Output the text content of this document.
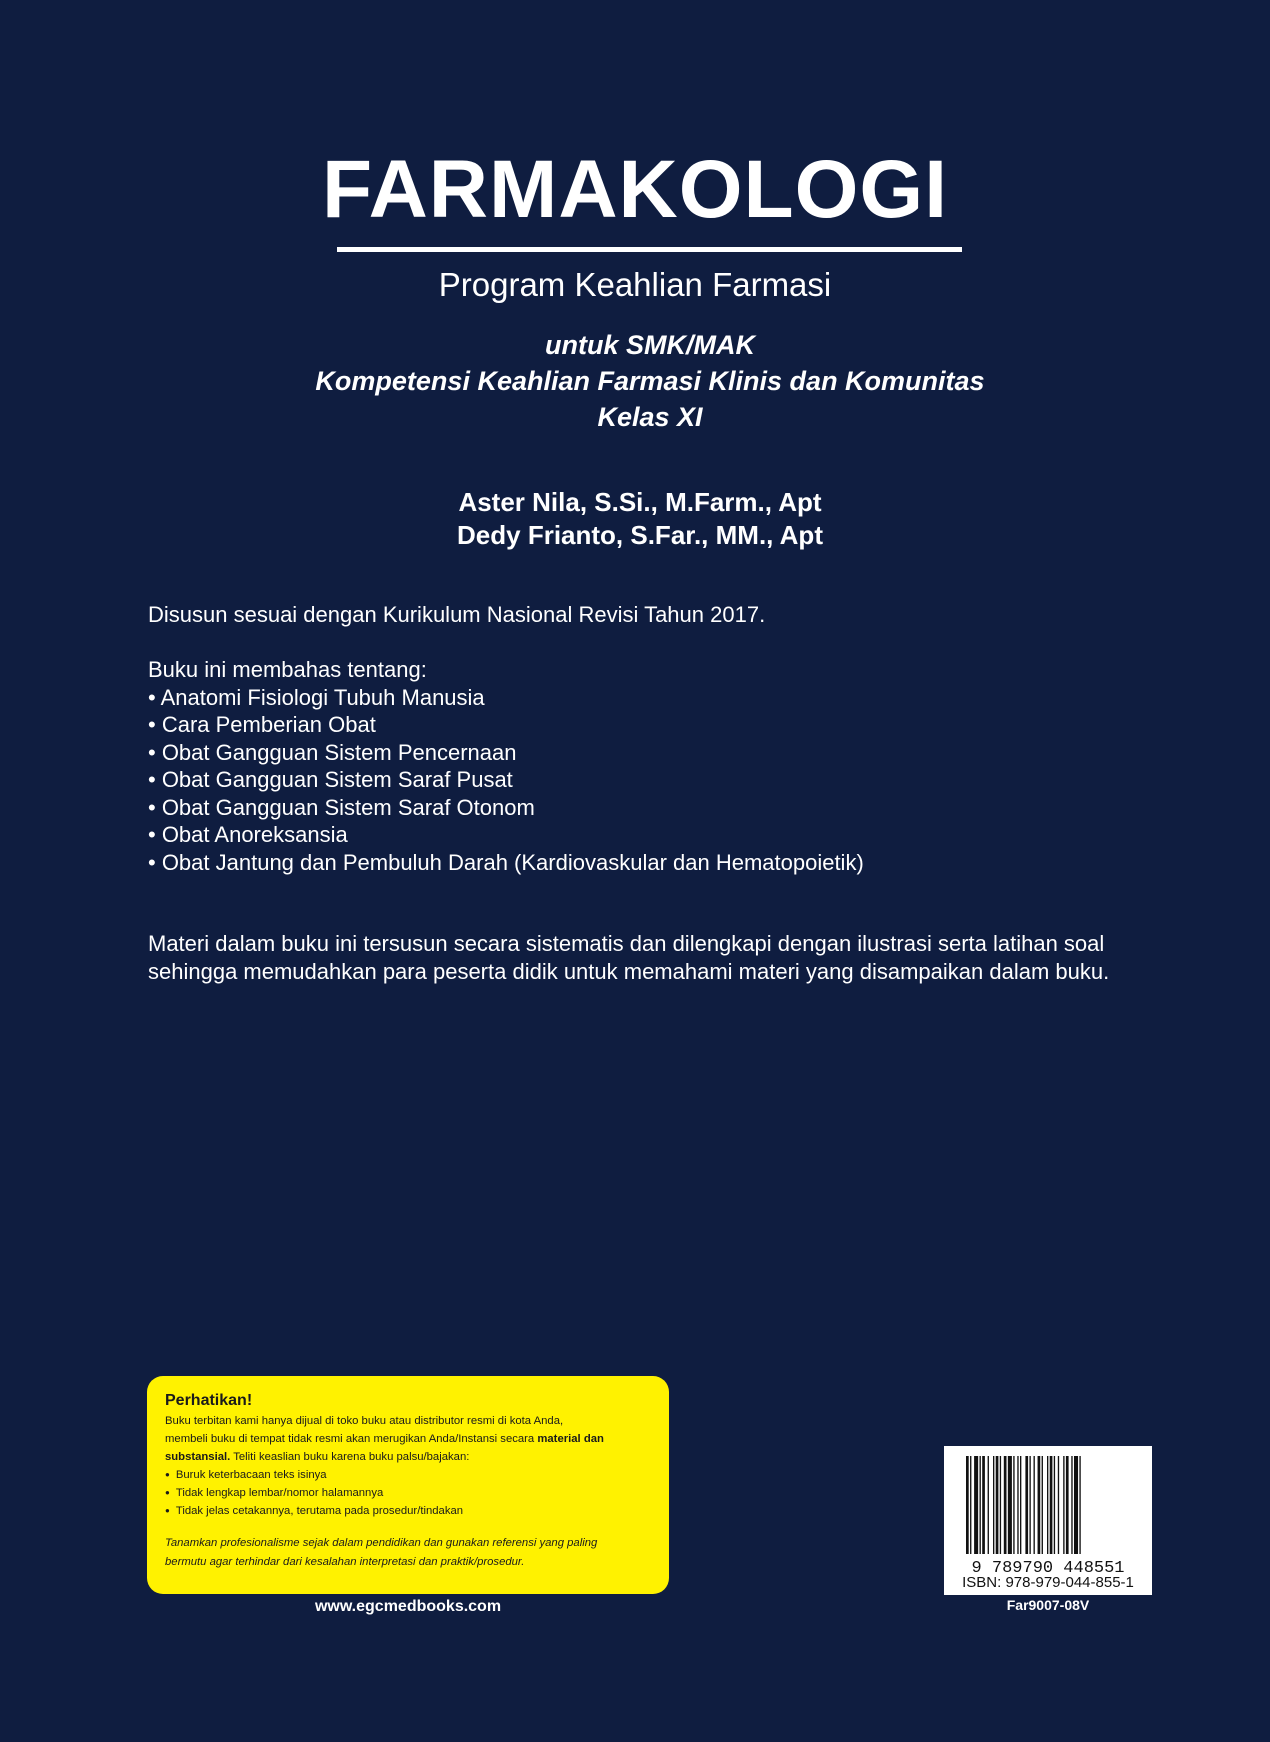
FARMAKOLOGI
Program Keahlian Farmasi
untuk SMK/MAK
Kompetensi Keahlian Farmasi Klinis dan Komunitas
Kelas XI
Aster Nila, S.Si., M.Farm., Apt
Dedy Frianto, S.Far., MM., Apt
Disusun sesuai dengan Kurikulum Nasional Revisi Tahun 2017.
Buku ini membahas tentang:
• Anatomi Fisiologi Tubuh Manusia
• Cara Pemberian Obat
• Obat Gangguan Sistem Pencernaan
• Obat Gangguan Sistem Saraf Pusat
• Obat Gangguan Sistem Saraf Otonom
• Obat Anoreksansia
• Obat Jantung dan Pembuluh Darah (Kardiovaskular dan Hematopoietik)
Materi dalam buku ini tersusun secara sistematis dan dilengkapi dengan ilustrasi serta latihan soal
sehingga memudahkan para peserta didik untuk memahami materi yang disampaikan dalam buku.
Perhatikan!
Buku terbitan kami hanya dijual di toko buku atau distributor resmi di kota Anda,
membeli buku di tempat tidak resmi akan merugikan Anda/Instansi secara material dan
substansial. Teliti keaslian buku karena buku palsu/bajakan:
● Buruk keterbacaan teks isinya
● Tidak lengkap lembar/nomor halamannya
● Tidak jelas cetakannya, terutama pada prosedur/tindakan
Tanamkan profesionalisme sejak dalam pendidikan dan gunakan referensi yang paling
bermutu agar terhindar dari kesalahan interpretasi dan praktik/prosedur.
www.egcmedbooks.com
9 789790 448551
ISBN: 978-979-044-855-1
Far9007-08V
